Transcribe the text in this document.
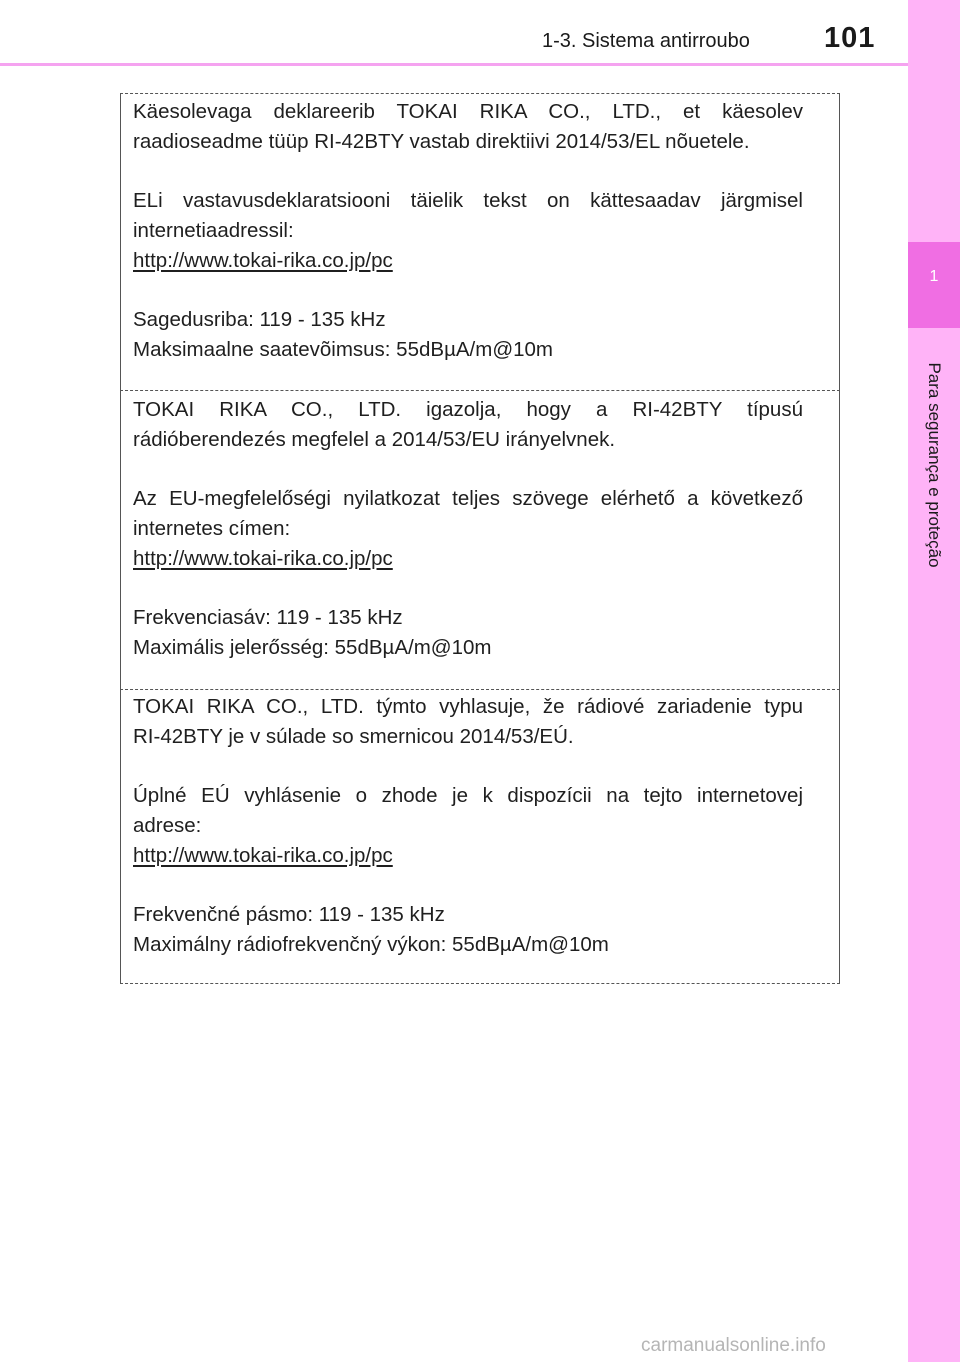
1-3. Sistema antirroubo	101
1
Para segurança e proteção

Käesolevaga deklareerib TOKAI RIKA CO., LTD., et käesolev

raadioseadme tüüp RI-42BTY vastab direktiivi 2014/53/EL nõuetele.

ELi vastavusdeklaratsiooni täielik tekst on kättesaadav järgmisel

internetiaadressil:

http://www.tokai-rika.co.jp/pc

Sagedusriba: 119 - 135 kHz

Maksimaalne saatevõimsus: 55dBµA/m@10m

TOKAI RIKA CO., LTD. igazolja, hogy a RI-42BTY típusú

rádióberendezés megfelel a 2014/53/EU irányelvnek.

Az EU-megfelelőségi nyilatkozat teljes szövege elérhető a következő

internetes címen:

http://www.tokai-rika.co.jp/pc

Frekvenciasáv: 119 - 135 kHz

Maximális jelerősség: 55dBµA/m@10m

TOKAI RIKA CO., LTD. týmto vyhlasuje, že rádiové zariadenie typu

RI-42BTY je v súlade so smernicou 2014/53/EÚ.

Úplné EÚ vyhlásenie o zhode je k dispozícii na tejto internetovej

adrese:

http://www.tokai-rika.co.jp/pc

Frekvenčné pásmo: 119 - 135 kHz

Maximálny rádiofrekvenčný výkon: 55dBµA/m@10m

carmanualsonline.info
